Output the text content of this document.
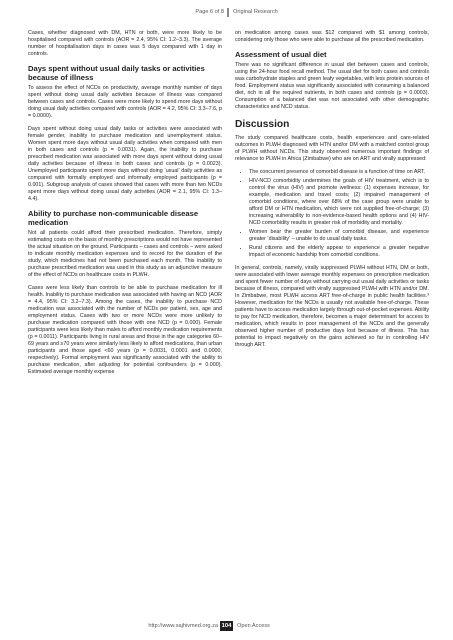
Page 6 of 8 Original Research

Cases, whether diagnosed with DM, HTN or both, were more likely to be hospitalised compared with controls (AOR = 2.4, 95% CI: 1.2–3.3). The average number of hospitalisation days in cases was 5 days compared with 1 day in controls.

Days spent without usual daily tasks or activities because of illness

To assess the effect of NCDs on productivity, average monthly number of days spent without doing usual daily activities because of illness was compared between cases and controls. Cases were more likely to spend more days without doing usual daily activities compared with controls (AOR = 4.2, 95% CI: 3.3–7.6, p = 0.0000).

Days spent without doing usual daily tasks or activities were associated with female gender, inability to purchase medication and unemployment status. Women spent more days without usual daily activities when compared with men in both cases and controls (p = 0.0031). Again, the inability to purchase prescribed medication was associated with more days spent without doing usual daily activities because of illness in both cases and controls (p = 0.0023). Unemployed participants spent more days without doing ‘usual’ daily activities as compared with formally employed and informally employed participants (p = 0.001). Subgroup analysis of cases showed that cases with more than two NCDs spent more days without doing usual daily activities (AOR = 2.1, 95% CI: 1.3–4.4).

Ability to purchase non-communicable disease medication

Not all patients could afford their prescribed medication. Therefore, simply estimating costs on the basis of monthly prescriptions would not have represented the actual situation on the ground. Participants – cases and controls – were asked to indicate monthly medication expenses and to record for the duration of the study, which medicines had not been purchased each month. This inability to purchase prescribed medication was used in this study as an adjunctive measure of the effect of NCDs on healthcare costs in PLWH.

Cases were less likely than controls to be able to purchase medication for ill health. Inability to purchase medication was associated with having an NCD (AOR = 4.4, 95% CI: 3.2–7.3). Among the cases, the inability to purchase NCD medication was associated with the number of NCDs per patient, sex, age and employment status. Cases with two or more NCDs were more unlikely to purchase medication compared with those with one NCD (p = 0.000). Female participants were less likely than males to afford monthly medication requirements (p = 0.0011). Participants living in rural areas and those in the age categories 60–69 years and ≥70 years were similarly less likely to afford medications, than urban participants and those aged <60 years (p = 0.0031, 0.0001 and 0.0000, respectively). Formal employment was significantly associated with the ability to purchase medication, after adjusting for potential confounders (p = 0.000). Estimated average monthly expense

on medication among cases was $12 compared with $1 among controls, considering only those who were able to purchase all the prescribed medication.

Assessment of usual diet

There was no significant difference in usual diet between cases and controls, using the 24-hour food recall method. The usual diet for both cases and controls was carbohydrate staples and green leafy vegetables, with less protein sources of food. Employment status was significantly associated with consuming a balanced diet, rich in all the required nutrients, in both cases and controls (p = 0.0003). Consumption of a balanced diet was not associated with other demographic characteristics and NCD status.

Discussion

The study compared healthcare costs, health experiences and care-related outcomes in PLWH diagnosed with HTN and/or DM with a matched control group of PLWH without NCDs. This study observed numerous important findings of relevance to PLWH in Africa (Zimbabwe) who are on ART and virally suppressed:

• The concurrent presence of comorbid disease is a function of time on ART.
• HIV-NCD comorbidity undermines the goals of HIV treatment, which is to control the virus (HIV) and promote wellness: (1) expenses increase, for example, medication and travel costs; (2) impaired management of comorbid conditions, where over 68% of the case group were unable to afford DM or HTN medication, which were not supplied free-of-charge; (3) increasing vulnerability to non-evidence-based health options and (4) HIV-NCD comorbidity results in greater risk of morbidity and mortality.
• Women bear the greater burden of comorbid disease, and experience greater ‘disability’ – unable to do usual daily tasks.
• Rural citizens and the elderly appear to experience a greater negative impact of economic hardship from comorbid conditions.

In general, controls, namely, virally suppressed PLWH without HTN, DM or both, were associated with lower average monthly expenses on prescription medication and spent fewer number of days without carrying out usual daily activities or tasks because of illness, compared with virally suppressed PLWH with HTN and/or DM. In Zimbabwe, most PLWH access ART free-of-charge in public health facilities.³ However, medication for the NCDs is usually not available free-of-charge. These patients have to access medication largely through out-of-pocket expenses. Ability to pay for NCD medication, therefore, becomes a major determinant for access to medication, which results in poor management of the NCDs and the generally observed higher number of productive days lost because of illness. This has potential to impact negatively on the gains achieved so far in controlling HIV through ART.

http://www.sajhivmed.org.za 104 Open Access
